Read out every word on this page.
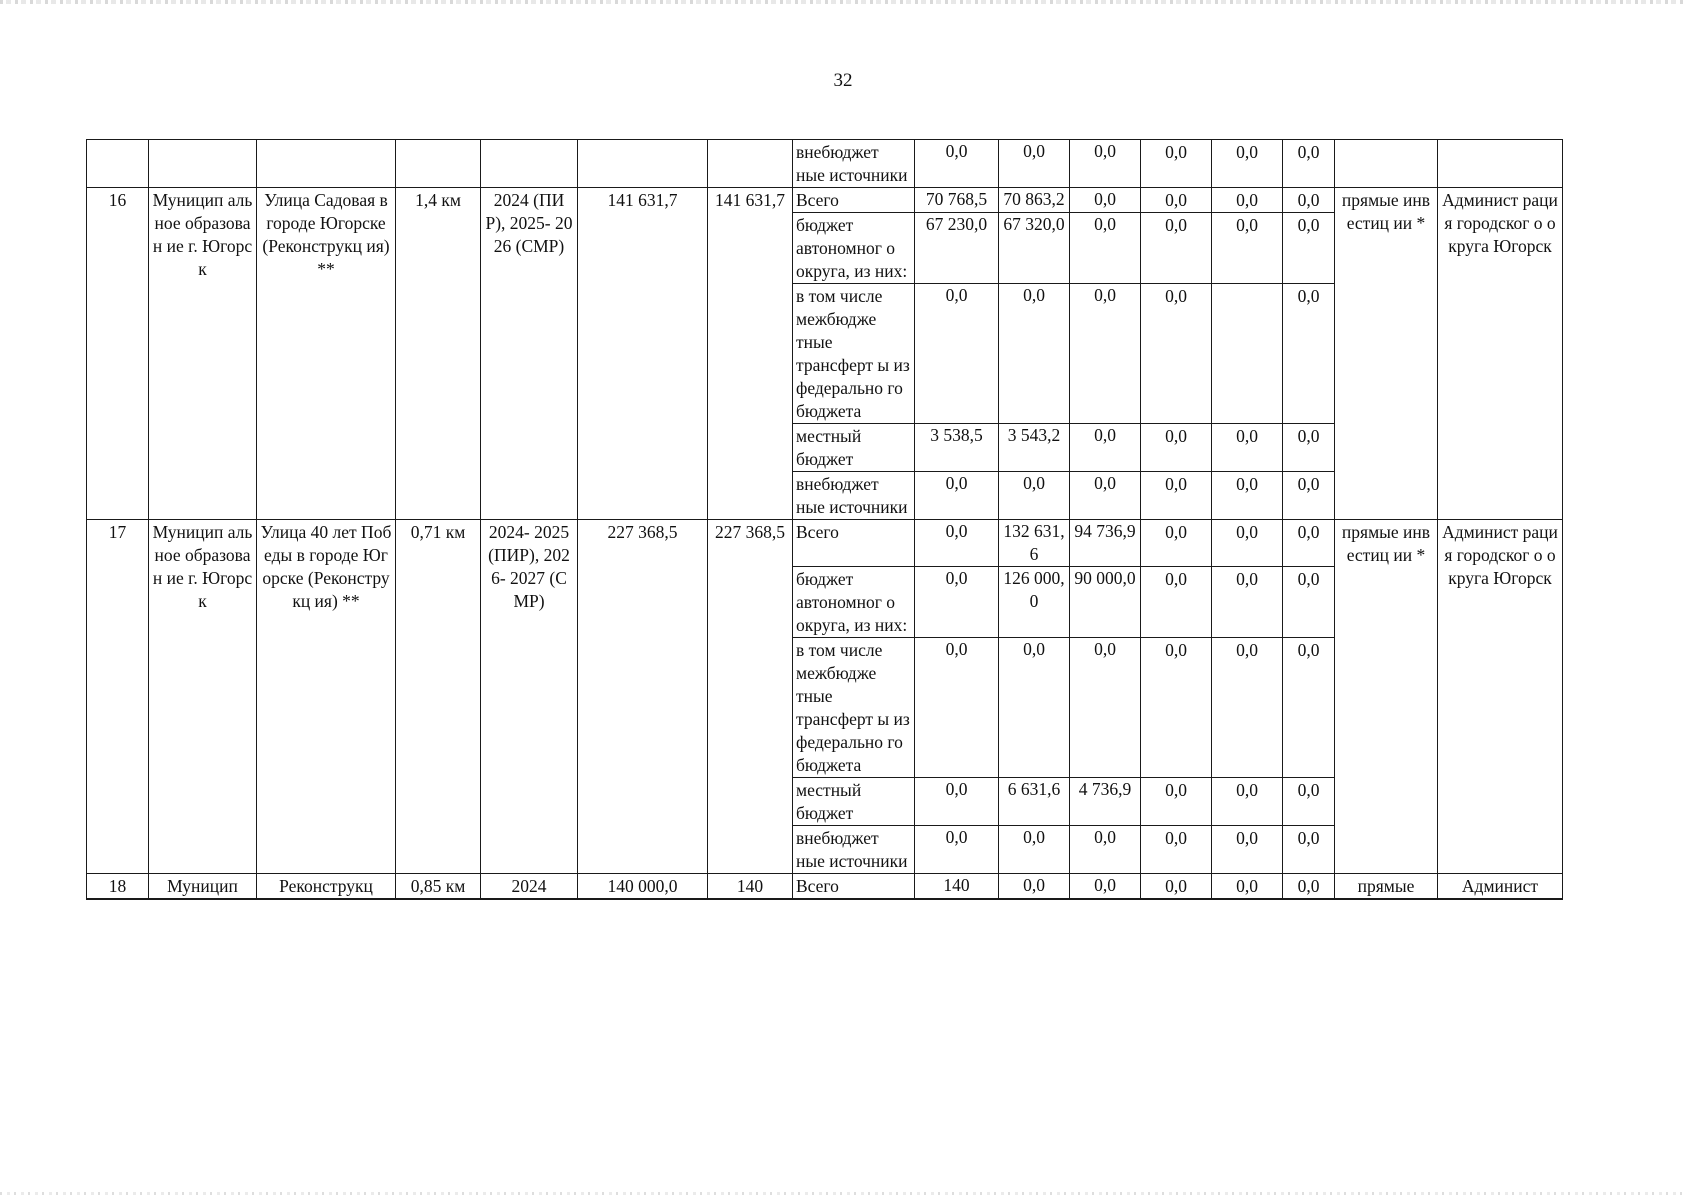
32
							внебюджет ные источники	0,0	0,0	0,0	0,0	0,0	0,0		
16	Муницип альное образован ие г. Югорск	Улица Садовая в городе Югорске (Реконструкц ия) **	1,4 км	2024 (ПИР), 2025- 2026 (СМР)	141 631,7	141 631,7	Всего	70 768,5	70 863,2	0,0	0,0	0,0	0,0	прямые инвестиц ии *	Админист рация городског о округа Югорск
							бюджет автономног о округа, из них:	67 230,0	67 320,0	0,0	0,0	0,0	0,0		
							в том числе межбюдже тные трансферт ы из федерально го бюджета	0,0	0,0	0,0	0,0		0,0		
							местный бюджет	3 538,5	3 543,2	0,0	0,0	0,0	0,0		
							внебюджет ные источники	0,0	0,0	0,0	0,0	0,0	0,0		
17	Муницип альное образован ие г. Югорск	Улица 40 лет Победы в городе Югорске (Реконструкц ия) **	0,71 км	2024- 2025 (ПИР), 2026- 2027 (СМР)	227 368,5	227 368,5	Всего	0,0	132 631,6	94 736,9	0,0	0,0	0,0	прямые инвестиц ии *	Админист рация городског о округа Югорск
							бюджет автономног о округа, из них:	0,0	126 000,0	90 000,0	0,0	0,0	0,0		
							в том числе межбюдже тные трансферт ы из федерально го бюджета	0,0	0,0	0,0	0,0	0,0	0,0		
							местный бюджет	0,0	6 631,6	4 736,9	0,0	0,0	0,0		
							внебюджет ные источники	0,0	0,0	0,0	0,0	0,0	0,0		
18	Муницип	Реконструкц	0,85 км	2024	140 000,0	140	Всего	140	0,0	0,0	0,0	0,0	0,0	прямые	Админист
